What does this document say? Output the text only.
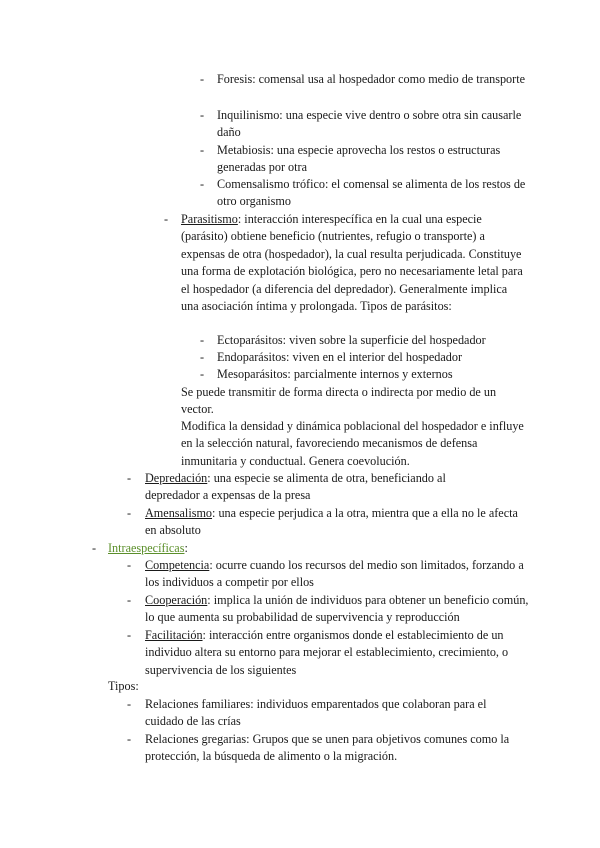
- Foresis: comensal usa al hospedador como medio de transporte
- Inquilinismo: una especie vive dentro o sobre otra sin causarle daño
- Metabiosis: una especie aprovecha los restos o estructuras generadas por otra
- Comensalismo trófico: el comensal se alimenta de los restos de otro organismo
- Parasitismo: interacción interespecífica en la cual una especie (parásito) obtiene beneficio (nutrientes, refugio o transporte) a expensas de otra (hospedador), la cual resulta perjudicada. Constituye una forma de explotación biológica, pero no necesariamente letal para el hospedador (a diferencia del depredador). Generalmente implica una asociación íntima y prolongada. Tipos de parásitos:
- Ectoparásitos: viven sobre la superficie del hospedador
- Endoparásitos: viven en el interior del hospedador
- Mesoparásitos: parcialmente internos y externos
Se puede transmitir de forma directa o indirecta por medio de un vector.
Modifica la densidad y dinámica poblacional del hospedador e influye en la selección natural, favoreciendo mecanismos de defensa inmunitaria y conductual. Genera coevolución.
- Depredación: una especie se alimenta de otra, beneficiando al depredador a expensas de la presa
- Amensalismo: una especie perjudica a la otra, mientra que a ella no le afecta en absoluto
- Intraespecíficas:
- Competencia: ocurre cuando los recursos del medio son limitados, forzando a los individuos a competir por ellos
- Cooperación: implica la unión de individuos para obtener un beneficio común, lo que aumenta su probabilidad de supervivencia y reproducción
- Facilitación: interacción entre organismos donde el establecimiento de un individuo altera su entorno para mejorar el establecimiento, crecimiento, o supervivencia de los siguientes
Tipos:
- Relaciones familiares: individuos emparentados que colaboran para el cuidado de las crías
- Relaciones gregarias: Grupos que se unen para objetivos comunes como la protección, la búsqueda de alimento o la migración.
